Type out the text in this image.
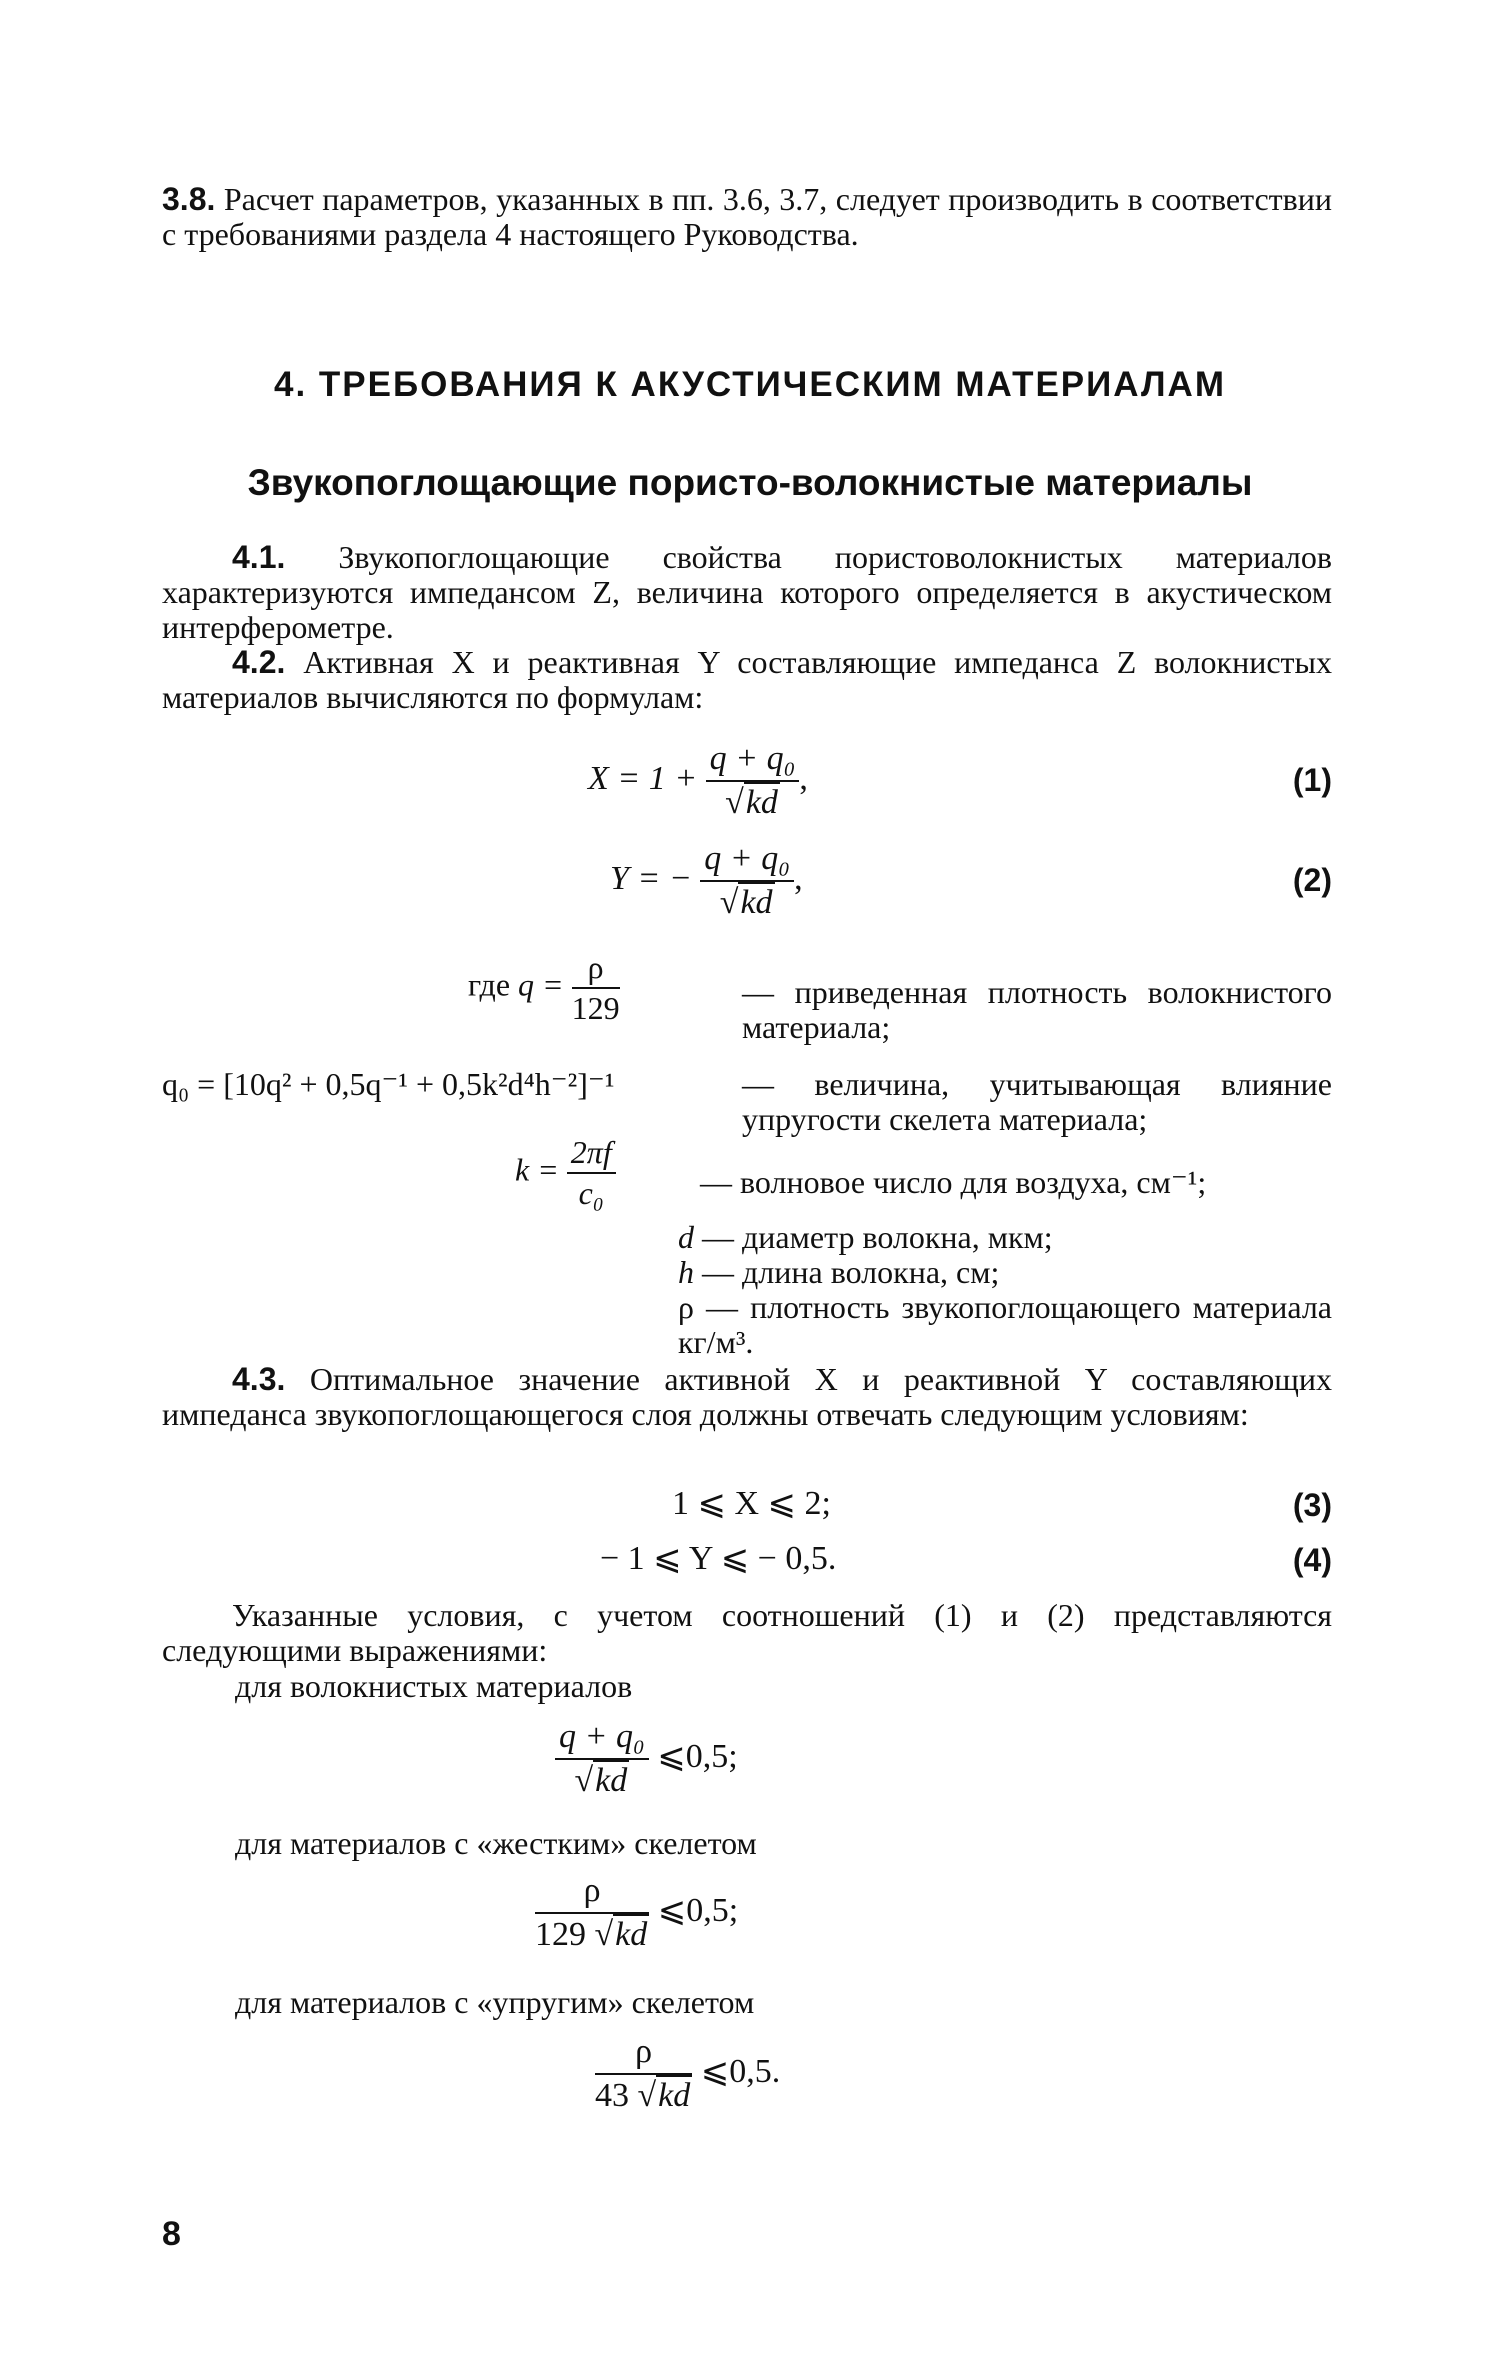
3.8. Расчет параметров, указанных в пп. 3.6, 3.7, следует производить в соответствии с требованиями раздела 4 настоящего Руководства.
4. ТРЕБОВАНИЯ К АКУСТИЧЕСКИМ МАТЕРИАЛАМ
Звукопоглощающие пористо-волокнистые материалы
4.1. Звукопоглощающие свойства пористоволокнистых материалов характеризуются импедансом Z, величина которого определяется в акустическом интерферометре.
4.2. Активная X и реактивная Y составляющие импеданса Z волокнистых материалов вычисляются по формулам:
$X = 1 + \frac{\text{q + q₀}}{√kd}$ ,	(1)
Y = − $\frac{\text{q + q₀}}{√kd}$ ,	(2)
где $q = \frac{\rho}{129}$	— приведенная плотность волокнистого материала;
q₀ = [10q² + 0,5q⁻¹ + 0,5k²d⁴h⁻²]⁻¹	— величина, учитывающая влияние упругости скелета материала;
$k = \frac{2\pi f}{\text{c₀}}$	— волновое число для воздуха, см⁻¹;
d — диаметр волокна, мкм;
h — длина волокна, см;
ρ — плотность звукопоглощающего материала кг/м³.
4.3. Оптимальное значение активной X и реактивной Y составляющих импеданса звукопоглощающегося слоя должны отвечать следующим условиям:
1 ⩽ X ⩽ 2;	(3)
− 1 ⩽ Y ⩽ − 0,5.	(4)
Указанные условия, с учетом соотношений (1) и (2) представляются следующими выражениями:
для волокнистых материалов
$\frac{\text{q + q₀}}{√kd}$ ⩽0,5;
для материалов с «жестким» скелетом
$\frac{\rho}{129 √kd}$ ⩽0,5;
для материалов с «упругим» скелетом
$\frac{\rho}{43 √kd}$ ⩽0,5.
8
